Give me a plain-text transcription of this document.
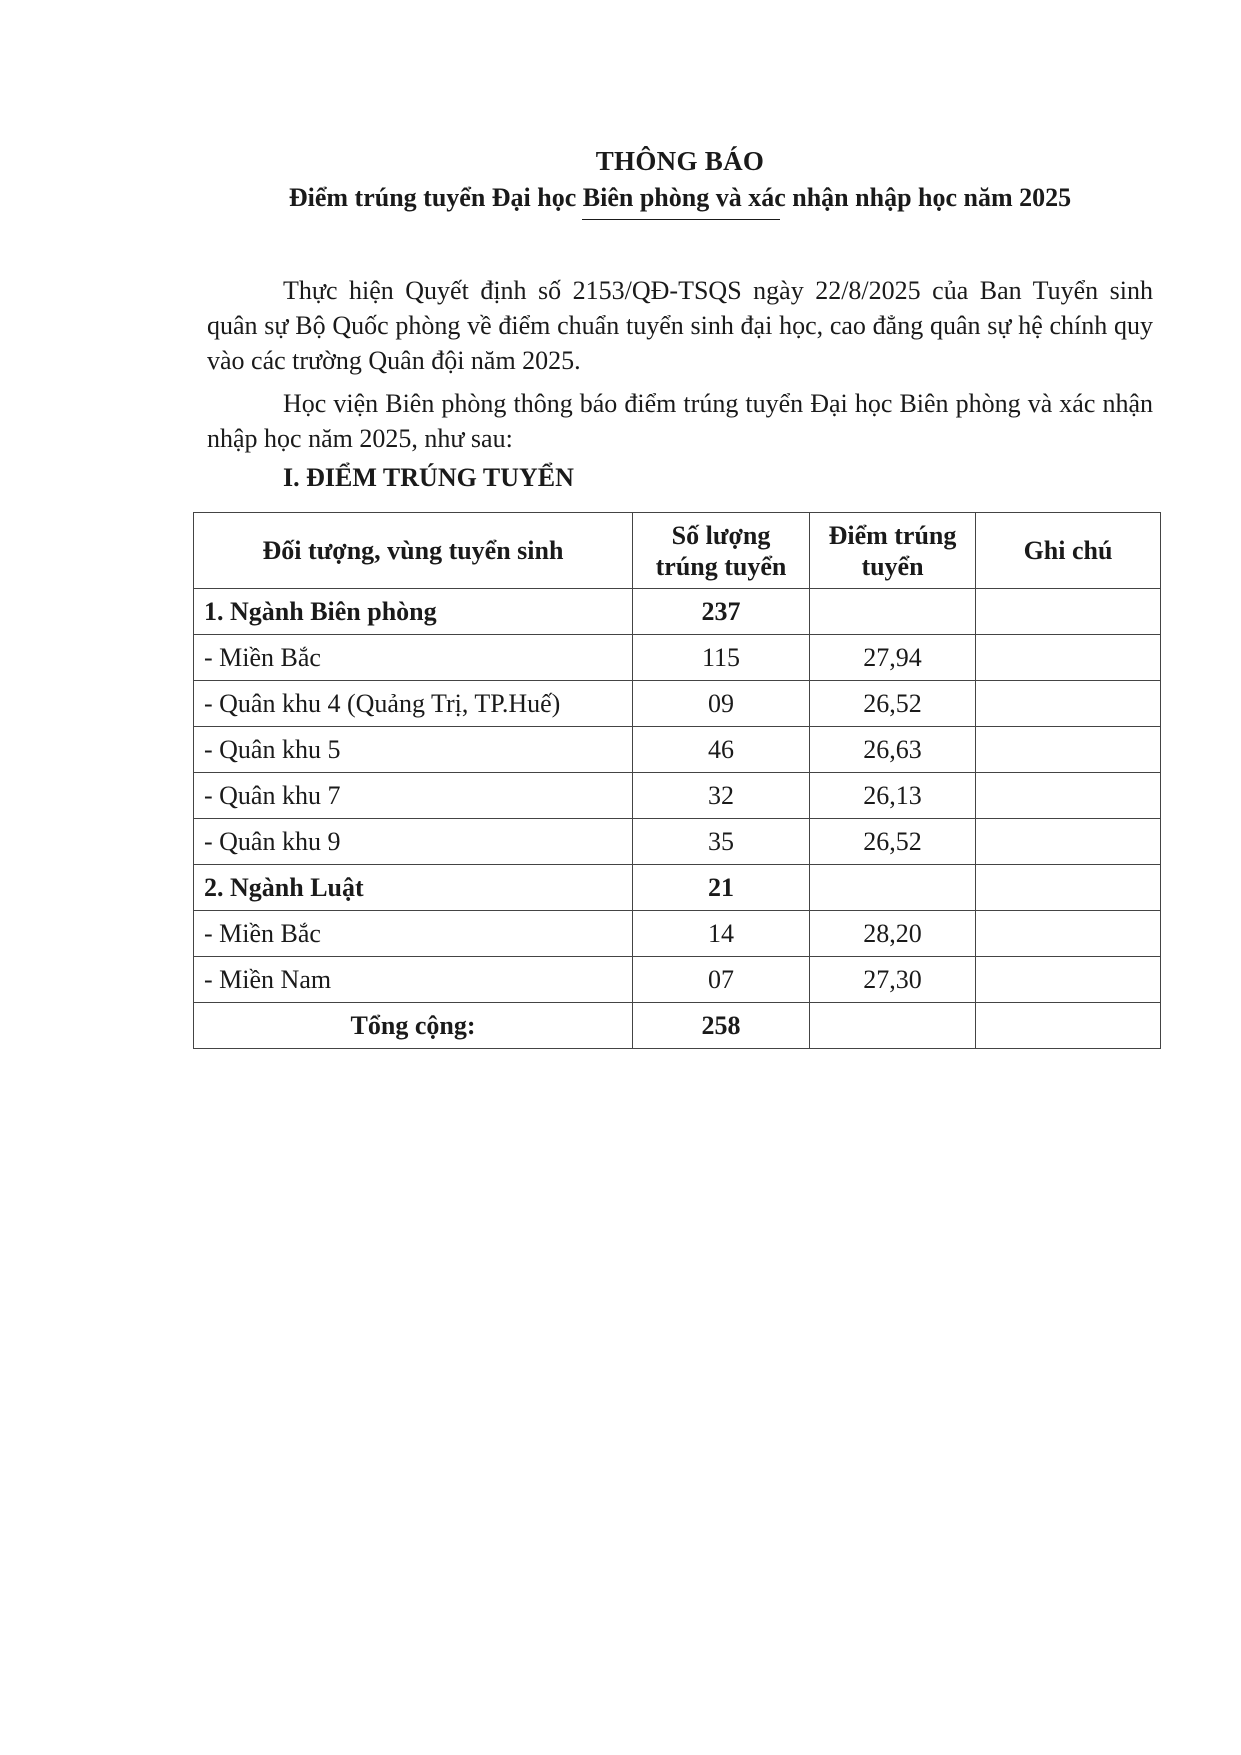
THÔNG BÁO
Điểm trúng tuyển Đại học Biên phòng và xác nhận nhập học năm 2025

Thực hiện Quyết định số 2153/QĐ-TSQS ngày 22/8/2025 của Ban Tuyển sinh quân sự Bộ Quốc phòng về điểm chuẩn tuyển sinh đại học, cao đẳng quân sự hệ chính quy vào các trường Quân đội năm 2025.

Học viện Biên phòng thông báo điểm trúng tuyển Đại học Biên phòng và xác nhận nhập học năm 2025, như sau:

I. ĐIỂM TRÚNG TUYỂN
Đối tượng, vùng tuyển sinh	Số lượng trúng tuyển	Điểm trúng tuyển	Ghi chú
1. Ngành Biên phòng	237		
- Miền Bắc	115	27,94	
- Quân khu 4 (Quảng Trị, TP.Huế)	09	26,52	
- Quân khu 5	46	26,63	
- Quân khu 7	32	26,13	
- Quân khu 9	35	26,52	
2. Ngành Luật	21		
- Miền Bắc	14	28,20	
- Miền Nam	07	27,30	
Tổng cộng:	258		
